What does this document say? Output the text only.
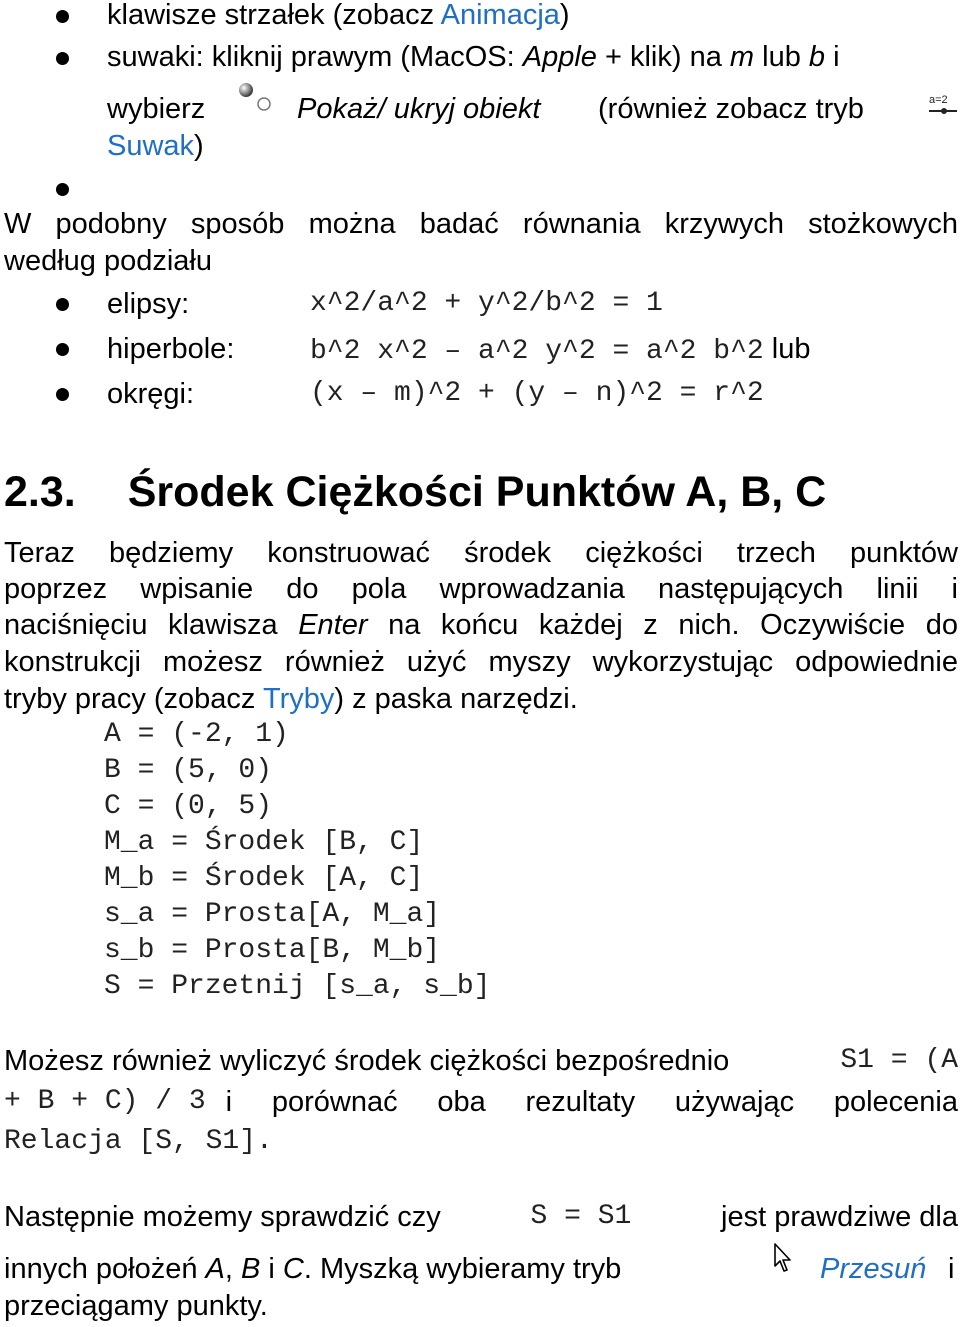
klawisze strzałek (zobacz Animacja)
suwaki: kliknij prawym (MacOS: Apple + klik) na m lub b i
wybierz	Pokaż/ ukryj obiekt (również zobacz tryb	a=2
Suwak)
W podobny sposób można badać równania krzywych stożkowych
według podziału
elipsy:	x^2/a^2 + y^2/b^2 = 1
hiperbole:	b^2 x^2 – a^2 y^2 = a^2 b^2 lub
okręgi:	(x – m)^2 + (y – n)^2 = r^2
2.3. Środek Ciężkości Punktów A, B, C
Teraz będziemy konstruować środek ciężkości trzech punktów
poprzez wpisanie do pola wprowadzania następujących linii i
naciśnięciu klawisza Enter na końcu każdej z nich. Oczywiście do
konstrukcji możesz również użyć myszy wykorzystując odpowiednie
tryby pracy (zobacz Tryby) z paska narzędzi.
A = (-2, 1)
B = (5, 0)
C = (0, 5)
M_a = Środek [B, C]
M_b = Środek [A, C]
s_a = Prosta[A, M_a]
s_b = Prosta[B, M_b]
S = Przetnij [s_a, s_b]
Możesz również wyliczyć środek ciężkości bezpośrednio	S1 = (A
+ B + C) / 3 i porównać oba rezultaty używając polecenia
Relacja [S, S1].
Następnie możemy sprawdzić czy	S = S1	jest prawdziwe dla
innych położeń A, B i C. Myszką wybieramy tryb	Przesuń i
przeciągamy punkty.
